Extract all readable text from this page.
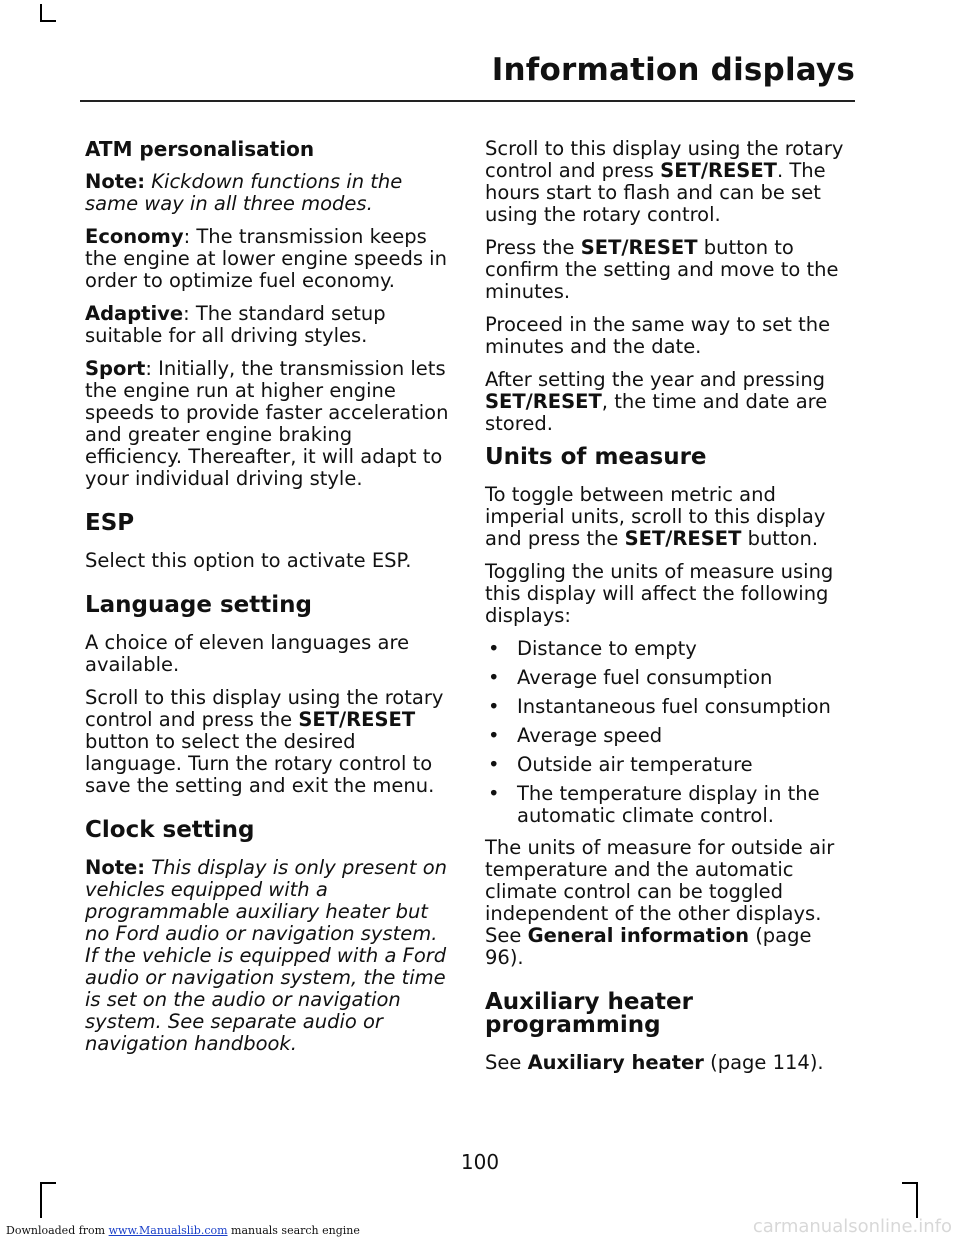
Information displays
ATM personalisation

Note: Kickdown functions in the same way in all three modes.

Economy: The transmission keeps the engine at lower engine speeds in order to optimize fuel economy.

Adaptive: The standard setup suitable for all driving styles.

Sport: Initially, the transmission lets the engine run at higher engine speeds to provide faster acceleration and greater engine braking efficiency. Thereafter, it will adapt to your individual driving style.

ESP

Select this option to activate ESP.

Language setting

A choice of eleven languages are available.

Scroll to this display using the rotary control and press the SET/RESET button to select the desired language. Turn the rotary control to save the setting and exit the menu.

Clock setting

Note: This display is only present on vehicles equipped with a programmable auxiliary heater but no Ford audio or navigation system. If the vehicle is equipped with a Ford audio or navigation system, the time is set on the audio or navigation system. See separate audio or navigation handbook.

Scroll to this display using the rotary control and press SET/RESET. The hours start to flash and can be set using the rotary control.

Press the SET/RESET button to confirm the setting and move to the minutes.

Proceed in the same way to set the minutes and the date.

After setting the year and pressing SET/RESET, the time and date are stored.

Units of measure

To toggle between metric and imperial units, scroll to this display and press the SET/RESET button.

Toggling the units of measure using this display will affect the following displays:

• Distance to empty
• Average fuel consumption
• Instantaneous fuel consumption
• Average speed
• Outside air temperature
• The temperature display in the automatic climate control.

The units of measure for outside air temperature and the automatic climate control can be toggled independent of the other displays. See General information (page 96).

Auxiliary heater
programming

See Auxiliary heater (page 114).

100
Downloaded from www.Manualslib.com manuals search engine	carmanualsonline.info
